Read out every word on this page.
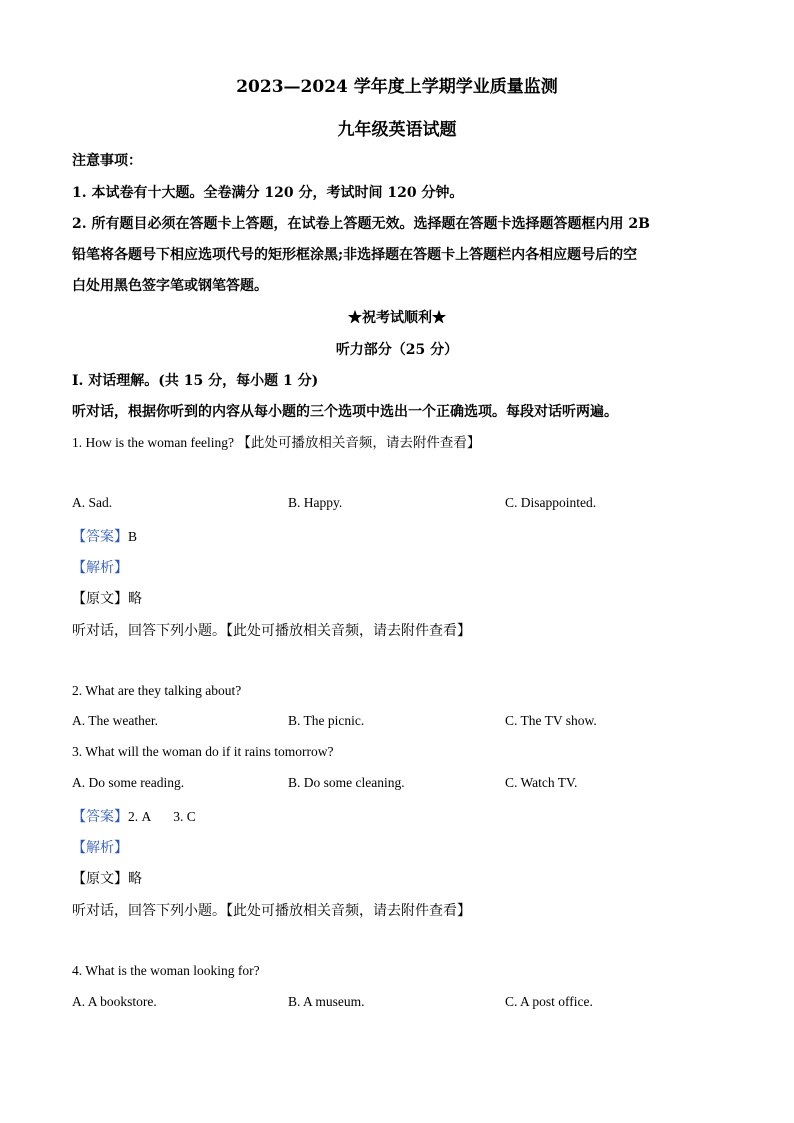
2023—2024 学年度上学期学业质量监测
九年级英语试题
注意事项：
1. 本试卷有十大题。全卷满分 120 分，考试时间 120 分钟。
2. 所有题目必须在答题卡上答题，在试卷上答题无效。选择题在答题卡选择题答题框内用 2B
铅笔将各题号下相应选项代号的矩形框涂黑;非选择题在答题卡上答题栏内各相应题号后的空
白处用黑色签字笔或钢笔答题。
★祝考试顺利★
听力部分（25 分）
I. 对话理解。(共 15 分，每小题 1 分)
听对话，根据你听到的内容从每小题的三个选项中选出一个正确选项。每段对话听两遍。
1. How is the woman feeling? 【此处可播放相关音频，请去附件查看】
A. Sad.	B. Happy.	C. Disappointed.
【答案】B
【解析】
【原文】略
听对话，回答下列小题。【此处可播放相关音频，请去附件查看】
2. What are they talking about?
A. The weather.	B. The picnic.	C. The TV show.
3. What will the woman do if it rains tomorrow?
A. Do some reading.	B. Do some cleaning.	C. Watch TV.
【答案】2. A 3. C
【解析】
【原文】略
听对话，回答下列小题。【此处可播放相关音频，请去附件查看】
4. What is the woman looking for?
A. A bookstore.	B. A museum.	C. A post office.
